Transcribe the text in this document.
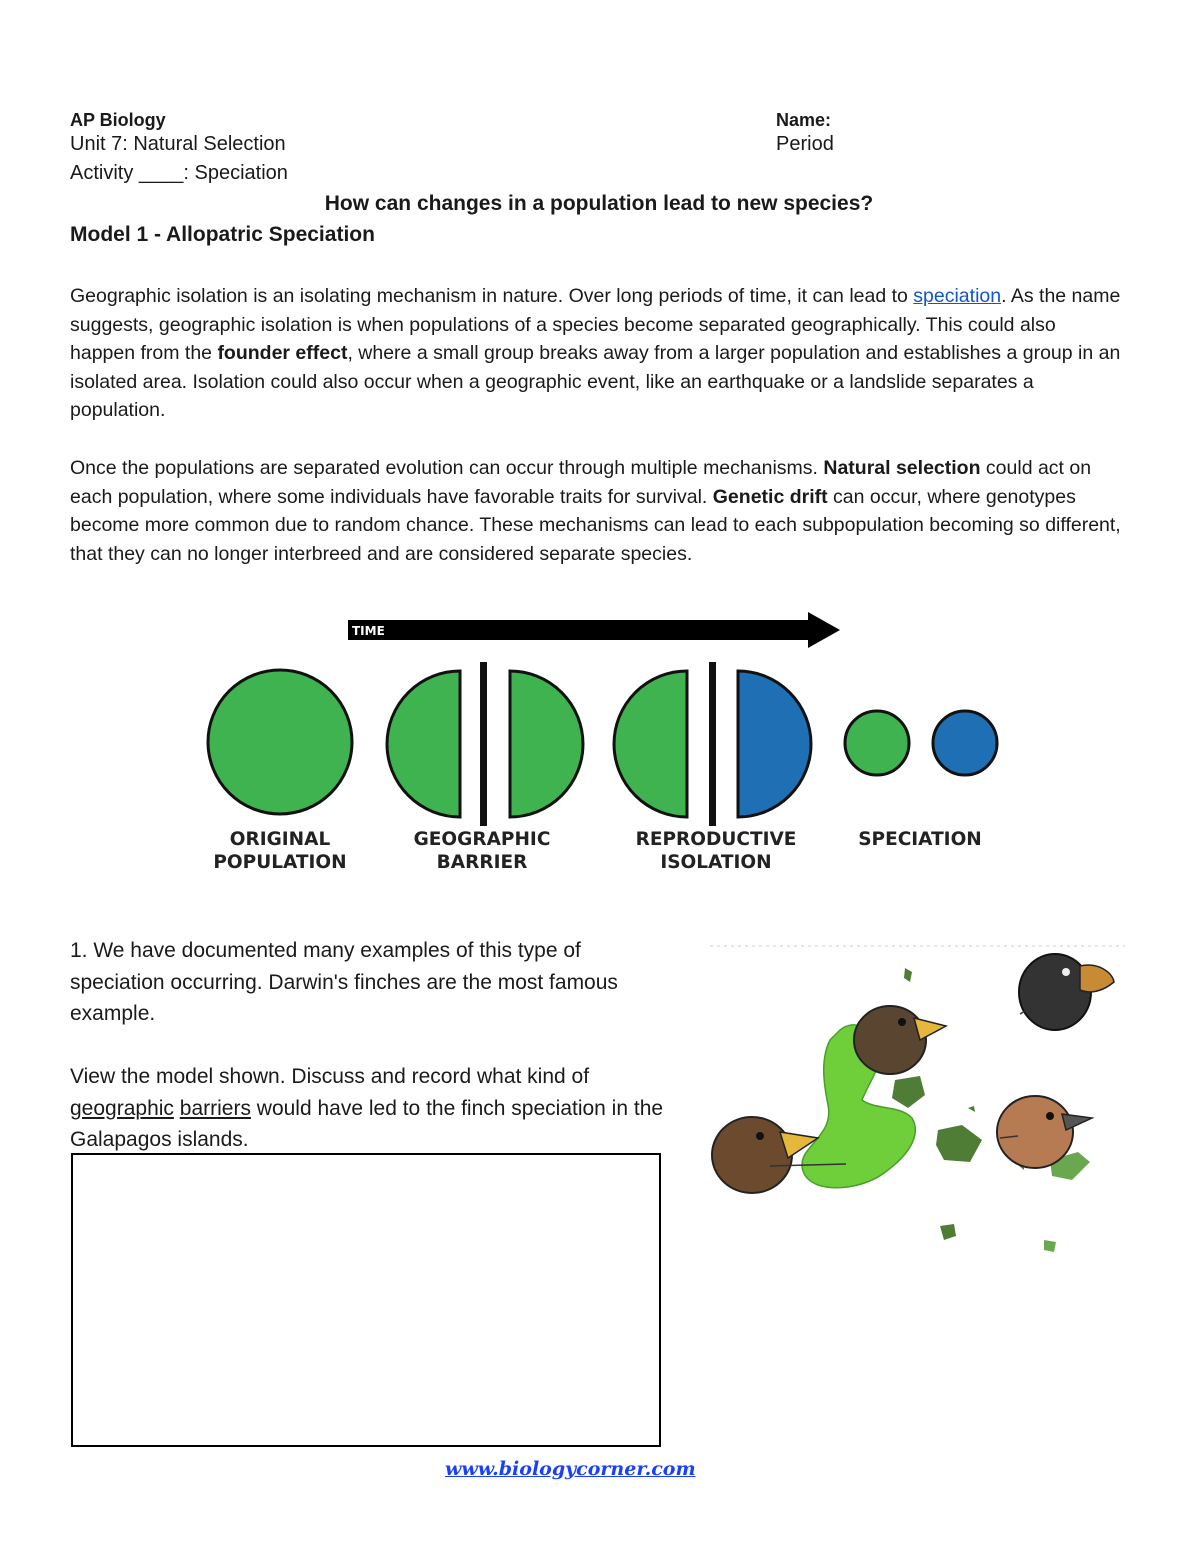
AP Biology
Unit 7: Natural Selection
Activity ____: Speciation
Name:
Period
How can changes in a population lead to new species?
Model 1 - Allopatric Speciation
Geographic isolation is an isolating mechanism in nature. Over long periods of time, it can lead to speciation. As the name suggests, geographic isolation is when populations of a species become separated geographically. This could also happen from the founder effect, where a small group breaks away from a larger population and establishes a group in an isolated area. Isolation could also occur when a geographic event, like an earthquake or a landslide separates a population.
Once the populations are separated evolution can occur through multiple mechanisms. Natural selection could act on each population, where some individuals have favorable traits for survival. Genetic drift can occur, where genotypes become more common due to random chance. These mechanisms can lead to each subpopulation becoming so different, that they can no longer interbreed and are considered separate species.
TIME
ORIGINAL
POPULATION
GEOGRAPHIC
BARRIER
REPRODUCTIVE
ISOLATION
SPECIATION
1. We have documented many examples of this type of speciation occurring. Darwin's finches are the most famous example.
View the model shown. Discuss and record what kind of geographic barriers would have led to the finch speciation in the Galapagos islands.
www.biologycorner.com
